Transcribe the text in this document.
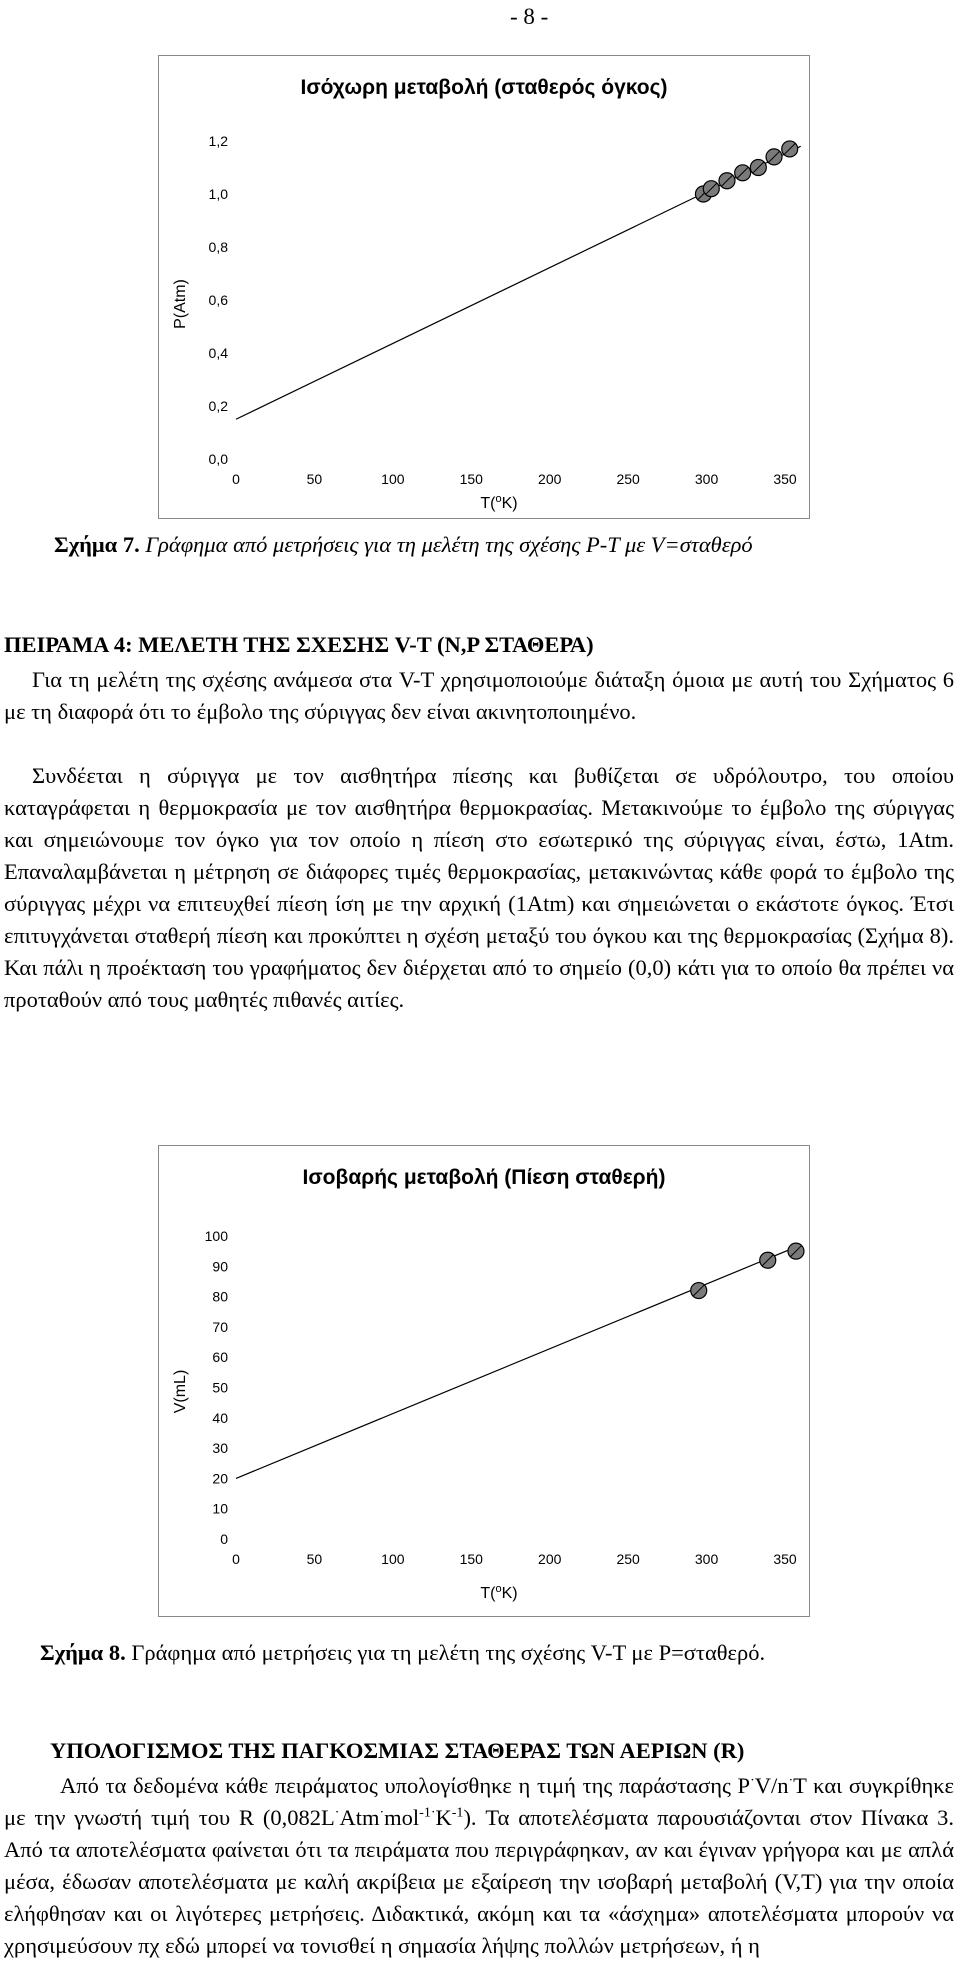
- 8 -
Ισόχωρη μεταβολή (σταθερός όγκος)
0,0
0,2
0,4
0,6
0,8
1,0
1,2
0	50	100	150	200	250	300	350
P(Atm)
T($^o$K)
Σχήμα 7. Γράφημα από μετρήσεις για τη μελέτη της σχέσης P-T με V=σταθερό
ΠΕΙΡΑΜΑ 4: ΜΕΛΕΤΗ ΤΗΣ ΣΧΕΣΗΣ V-T (N,P ΣΤΑΘΕΡΑ)
Για τη μελέτη της σχέσης ανάμεσα στα V-T χρησιμοποιούμε διάταξη όμοια με αυτή του Σχήματος 6 με τη διαφορά ότι το έμβολο της σύριγγας δεν είναι ακινητοποιημένο.
Συνδέεται η σύριγγα με τον αισθητήρα πίεσης και βυθίζεται σε υδρόλουτρο, του οποίου καταγράφεται η θερμοκρασία με τον αισθητήρα θερμοκρασίας. Μετακινούμε το έμβολο της σύριγγας και σημειώνουμε τον όγκο για τον οποίο η πίεση στο εσωτερικό της σύριγγας είναι, έστω, 1Atm. Επαναλαμβάνεται η μέτρηση σε διάφορες τιμές θερμοκρασίας, μετακινώντας κάθε φορά το έμβολο της σύριγγας μέχρι να επιτευχθεί πίεση ίση με την αρχική (1Atm) και σημειώνεται ο εκάστοτε όγκος. Έτσι επιτυγχάνεται σταθερή πίεση και προκύπτει η σχέση μεταξύ του όγκου και της θερμοκρασίας (Σχήμα 8). Και πάλι η προέκταση του γραφήματος δεν διέρχεται από το σημείο (0,0) κάτι για το οποίο θα πρέπει να προταθούν από τους μαθητές πιθανές αιτίες.
Ισοβαρής μεταβολή (Πίεση σταθερή)
0
10
20
30
40
50
60
70
80
90
100
0	50	100	150	200	250	300	350
V(mL)
T($^o$K)
Σχήμα 8. Γράφημα από μετρήσεις για τη μελέτη της σχέσης V-T με P=σταθερό.
ΥΠΟΛΟΓΙΣΜΟΣ ΤΗΣ ΠΑΓΚΟΣΜΙΑΣ ΣΤΑΘΕΡΑΣ ΤΩΝ ΑΕΡΙΩΝ (R)
Από τα δεδομένα κάθε πειράματος υπολογίσθηκε η τιμή της παράστασης P·V/n·T και συγκρίθηκε με την γνωστή τιμή του R $(0,082L^\cdot Atm^\cdot mol^{-1\cdot}K^{-1})$. Τα αποτελέσματα παρουσιάζονται στον Πίνακα 3. Από τα αποτελέσματα φαίνεται ότι τα πειράματα που περιγράφηκαν, αν και έγιναν γρήγορα και με απλά μέσα, έδωσαν αποτελέσματα με καλή ακρίβεια με εξαίρεση την ισοβαρή μεταβολή (V,T) για την οποία ελήφθησαν και οι λιγότερες μετρήσεις. Διδακτικά, ακόμη και τα «άσχημα» αποτελέσματα μπορούν να χρησιμεύσουν πχ εδώ μπορεί να τονισθεί η σημασία λήψης πολλών μετρήσεων, ή η
